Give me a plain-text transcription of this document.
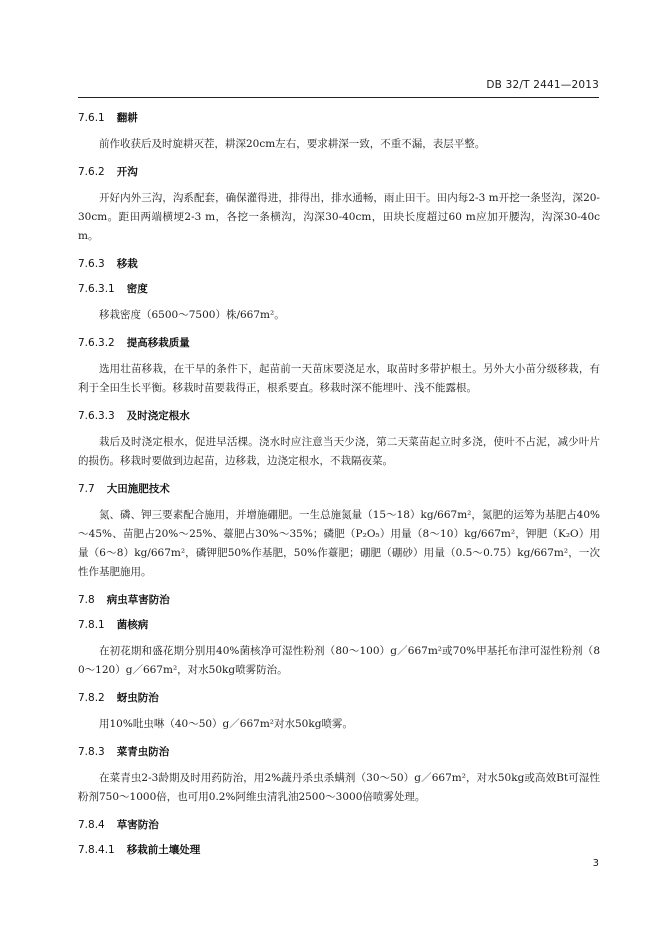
DB 32/T 2441—2013
7.6.1 翻耕

前作收获后及时旋耕灭茬，耕深20cm左右，要求耕深一致，不重不漏，表层平整。

7.6.2 开沟

开好内外三沟，沟系配套，确保灌得进，排得出，排水通畅，雨止田干。田内每2-3 m开挖一条竖沟，深20-30cm。距田两端横埂2-3 m，各挖一条横沟，沟深30-40cm，田块长度超过60 m应加开腰沟，沟深30-40cm。

7.6.3 移栽
7.6.3.1 密度

移栽密度（6500～7500）株/667m²。

7.6.3.2 提高移栽质量

选用壮苗移栽，在干旱的条件下，起苗前一天苗床要浇足水，取苗时多带护根土。另外大小苗分级移栽，有利于全田生长平衡。移栽时苗要栽得正，根系要直。移栽时深不能埋叶、浅不能露根。

7.6.3.3 及时浇定根水

栽后及时浇定根水，促进早活棵。浇水时应注意当天少浇，第二天菜苗起立时多浇，使叶不占泥，减少叶片的损伤。移栽时要做到边起苗，边移栽，边浇定根水，不栽隔夜菜。

7.7 大田施肥技术

氮、磷、钾三要素配合施用，并增施硼肥。一生总施氮量（15～18）kg/667m²，氮肥的运筹为基肥占40%～45%、苗肥占20%～25%、薹肥占30%～35%；磷肥（P₂O₅）用量（8～10）kg/667m²，钾肥（K₂O）用量（6～8）kg/667m²，磷钾肥50%作基肥，50%作薹肥；硼肥（硼砂）用量（0.5～0.75）kg/667m²，一次性作基肥施用。

7.8 病虫草害防治
7.8.1 菌核病

在初花期和盛花期分别用40%菌核净可湿性粉剂（80～100）g／667m²或70%甲基托布津可湿性粉剂（80～120）g／667m²，对水50kg喷雾防治。

7.8.2 蚜虫防治

用10%吡虫啉（40～50）g／667m²对水50kg喷雾。

7.8.3 菜青虫防治

在菜青虫2-3龄期及时用药防治，用2%蔬丹杀虫杀螨剂（30～50）g／667m²，对水50kg或高效Bt可湿性粉剂750～1000倍，也可用0.2%阿维虫清乳油2500～3000倍喷雾处理。

7.8.4 草害防治
7.8.4.1 移栽前土壤处理
3
